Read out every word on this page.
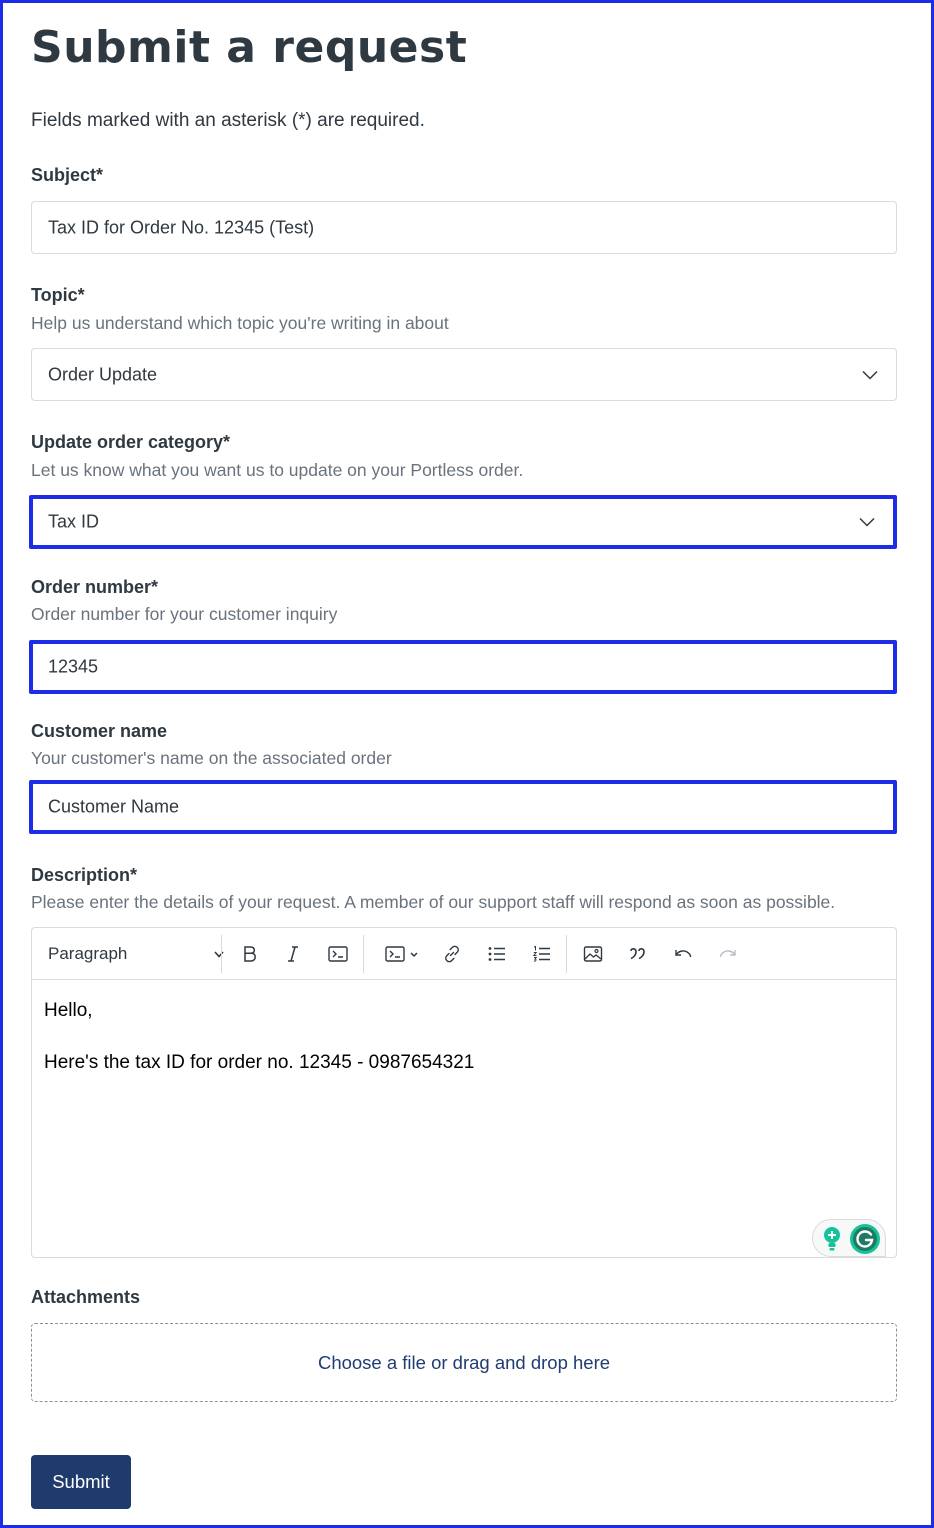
Submit a request
Fields marked with an asterisk (*) are required.
Subject*
Tax ID for Order No. 12345 (Test)
Topic*
Help us understand which topic you're writing in about
Order Update
Update order category*
Let us know what you want us to update on your Portless order.
Tax ID
Order number*
Order number for your customer inquiry
12345
Customer name
Your customer's name on the associated order
Customer Name
Description*
Please enter the details of your request. A member of our support staff will respond as soon as possible.
Paragraph

Hello,

Here's the tax ID for order no. 12345 - 0987654321

Attachments
Choose a file or drag and drop here
Submit
